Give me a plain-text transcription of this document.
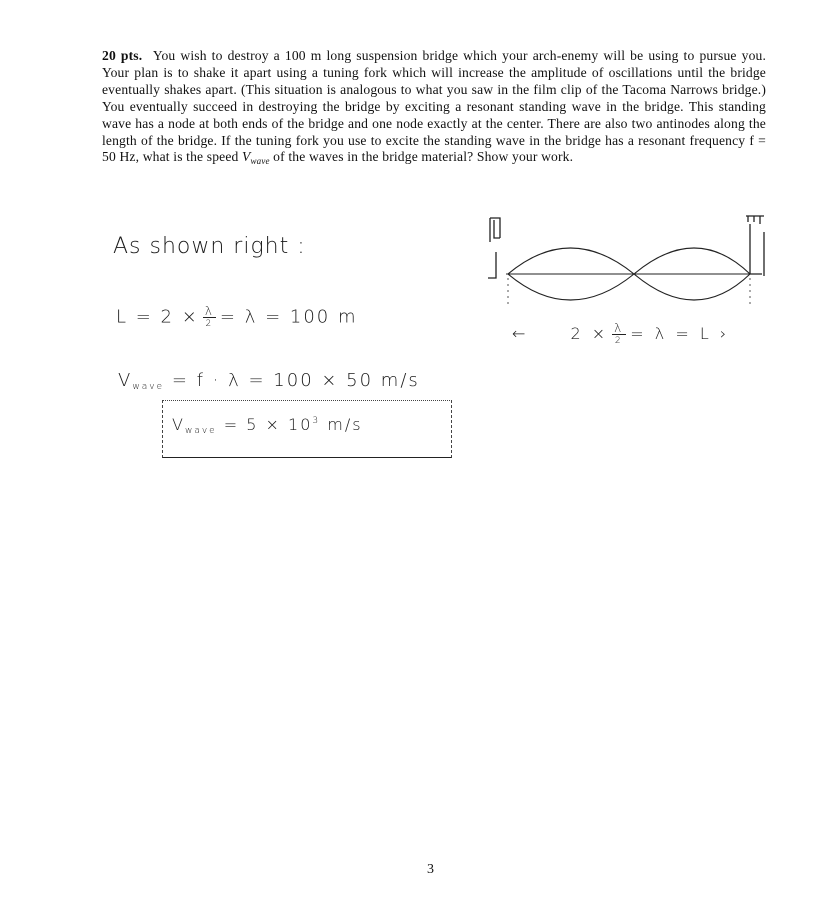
20 pts. You wish to destroy a 100 m long suspension bridge which your arch-enemy will be using to pursue you. Your plan is to shake it apart using a tuning fork which will increase the amplitude of oscillations until the bridge eventually shakes apart. (This situation is analogous to what you saw in the film clip of the Tacoma Narrows bridge.) You eventually succeed in destroying the bridge by exciting a resonant standing wave in the bridge. This standing wave has a node at both ends of the bridge and one node exactly at the center. There are also two antinodes along the length of the bridge. If the tuning fork you use to excite the standing wave in the bridge has a resonant frequency f = 50 Hz, what is the speed $V_{wave}$ of the waves in the bridge material? Show your work.
As shown right :
$L = 2 \times \frac{\lambda}{2} = \lambda = 100$ m
$V_{wave} = f \cdot \lambda = 100 \times 50$ m/s
$V_{wave} = 5 \times 10^3$ m/s
←	$2 \times \frac{\lambda}{2} = \lambda = L$ ›
3
